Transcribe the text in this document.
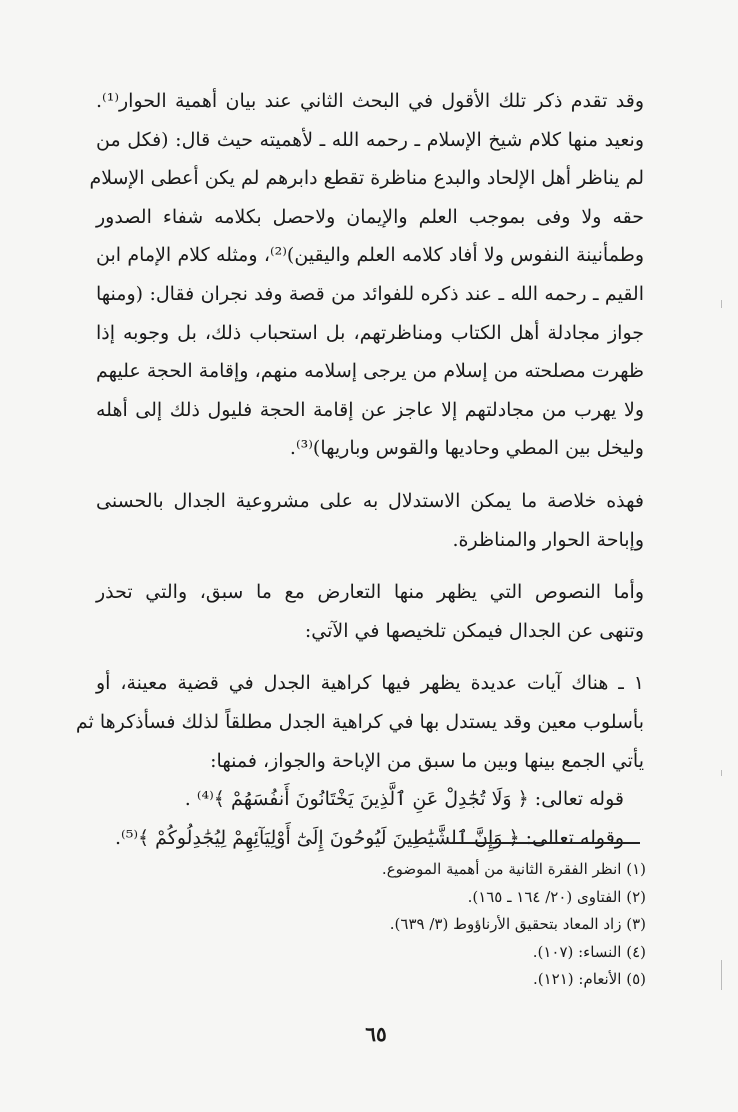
وقد تقدم ذكر تلك الأقول في البحث الثاني عند بيان أهمية الحوار⁽¹⁾.
ونعيد منها كلام شيخ الإسلام ـ رحمه الله ـ لأهميته حيث قال: (فكل من
لم يناظر أهل الإلحاد والبدع مناظرة تقطع دابرهم لم يكن أعطى الإسلام
حقه ولا وفى بموجب العلم والإيمان ولاحصل بكلامه شفاء الصدور
وطمأنينة النفوس ولا أفاد كلامه العلم واليقين)⁽²⁾، ومثله كلام الإمام ابن
القيم ـ رحمه الله ـ عند ذكره للفوائد من قصة وفد نجران فقال: (ومنها
جواز مجادلة أهل الكتاب ومناظرتهم، بل استحباب ذلك، بل وجوبه إذا
ظهرت مصلحته من إسلام من يرجى إسلامه منهم، وإقامة الحجة عليهم
ولا يهرب من مجادلتهم إلا عاجز عن إقامة الحجة فليول ذلك إلى أهله
وليخل بين المطي وحاديها والقوس وباريها)⁽³⁾.

فهذه خلاصة ما يمكن الاستدلال به على مشروعية الجدال بالحسنى
وإباحة الحوار والمناظرة.

وأما النصوص التي يظهر منها التعارض مع ما سبق، والتي تحذر
وتنهى عن الجدال فيمكن تلخيصها في الآتي:

١ ـ هناك آيات عديدة يظهر فيها كراهية الجدل في قضية معينة، أو
بأسلوب معين وقد يستدل بها في كراهية الجدل مطلقاً لذلك فسأذكرها ثم
يأتي الجمع بينها وبين ما سبق من الإباحة والجواز، فمنها:
قوله تعالى: ﴿ وَلَا تُجَٰدِلْ عَنِ ٱلَّذِينَ يَخْتَانُونَ أَنفُسَهُمْ ﴾⁽⁴⁾ .
وقوله تعالى: ﴿ وَإِنَّ ٱلشَّيَٰطِينَ لَيُوحُونَ إِلَىٰٓ أَوْلِيَآئِهِمْ لِيُجَٰدِلُوكُمْ ﴾⁽⁵⁾.

(١) انظر الفقرة الثانية من أهمية الموضوع.
(٢) الفتاوى (٢٠/ ١٦٤ ـ ١٦٥).
(٣) زاد المعاد بتحقيق الأرناؤوط (٣/ ٦٣٩).
(٤) النساء: (١٠٧).
(٥) الأنعام: (١٢١).
٦٥
